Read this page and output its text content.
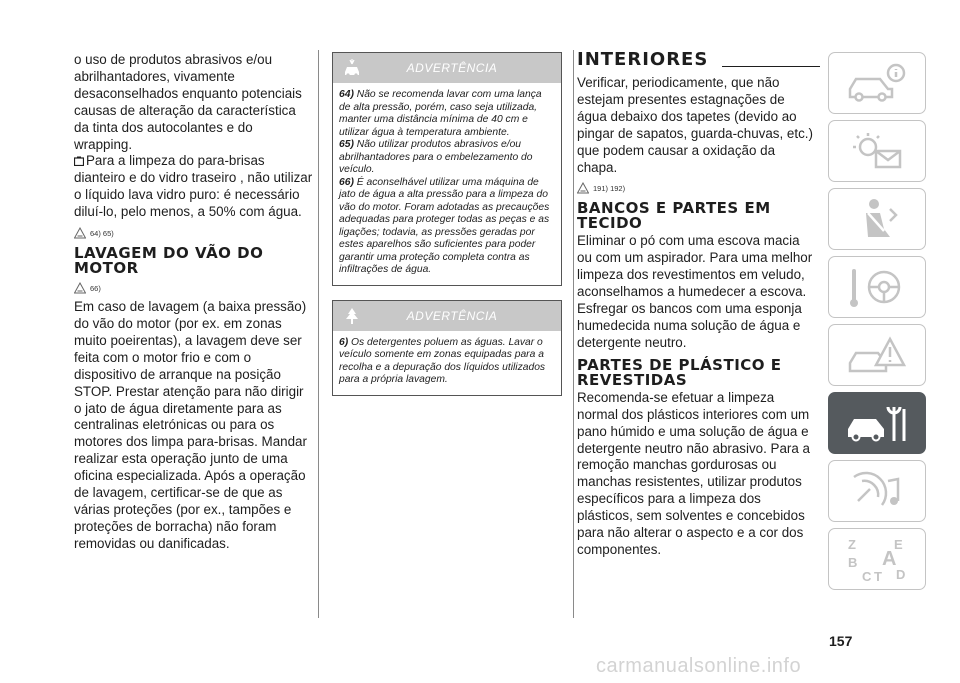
o uso de produtos abrasivos e/ou abrilhantadores, vivamente desaconselhados enquanto potenciais causas de alteração da característica da tinta dos autocolantes e do wrapping.

Para a limpeza do para-brisas dianteiro e do vidro traseiro , não utilizar o líquido lava vidro puro: é necessário diluí-lo, pelo menos, a 50% com água.

64) 65)
LAVAGEM DO VÃO DO MOTOR
66)

Em caso de lavagem (a baixa pressão) do vão do motor (por ex. em zonas muito poeirentas), a lavagem deve ser feita com o motor frio e com o dispositivo de arranque na posição STOP. Prestar atenção para não dirigir o jato de água diretamente para as centralinas eletrónicas ou para os motores dos limpa para-brisas. Mandar realizar esta operação junto de uma oficina especializada. Após a operação de lavagem, certificar-se de que as várias proteções (por ex., tampões e proteções de borracha) não foram removidas ou danificadas.

ADVERTÊNCIA

64) Não se recomenda lavar com uma lança de alta pressão, porém, caso seja utilizada, manter uma distância mínima de 40 cm e utilizar água à temperatura ambiente.

65) Não utilizar produtos abrasivos e/ou abrilhantadores para o embelezamento do veículo.

66) É aconselhável utilizar uma máquina de jato de água a alta pressão para a limpeza do vão do motor. Foram adotadas as precauções adequadas para proteger todas as peças e as ligações; todavia, as pressões geradas por estes aparelhos são suficientes para poder garantir uma proteção completa contra as infiltrações de água.

ADVERTÊNCIA

6) Os detergentes poluem as águas. Lavar o veículo somente em zonas equipadas para a recolha e a depuração dos líquidos utilizados para a própria lavagem.

INTERIORES

Verificar, periodicamente, que não estejam presentes estagnações de água debaixo dos tapetes (devido ao pingar de sapatos, guarda-chuvas, etc.) que podem causar a oxidação da chapa.

191) 192)
BANCOS E PARTES EM TECIDO

Eliminar o pó com uma escova macia ou com um aspirador. Para uma melhor limpeza dos revestimentos em veludo, aconselhamos a humedecer a escova.

Esfregar os bancos com uma esponja humedecida numa solução de água e detergente neutro.

PARTES DE PLÁSTICO E REVESTIDAS

Recomenda-se efetuar a limpeza normal dos plásticos interiores com um pano húmido e uma solução de água e detergente neutro não abrasivo. Para a remoção manchas gordurosas ou manchas resistentes, utilizar produtos específicos para a limpeza dos plásticos, sem solventes e concebidos para não alterar o aspecto e a cor dos componentes.	Z	E
B A
C T D
157
carmanualsonline.info
